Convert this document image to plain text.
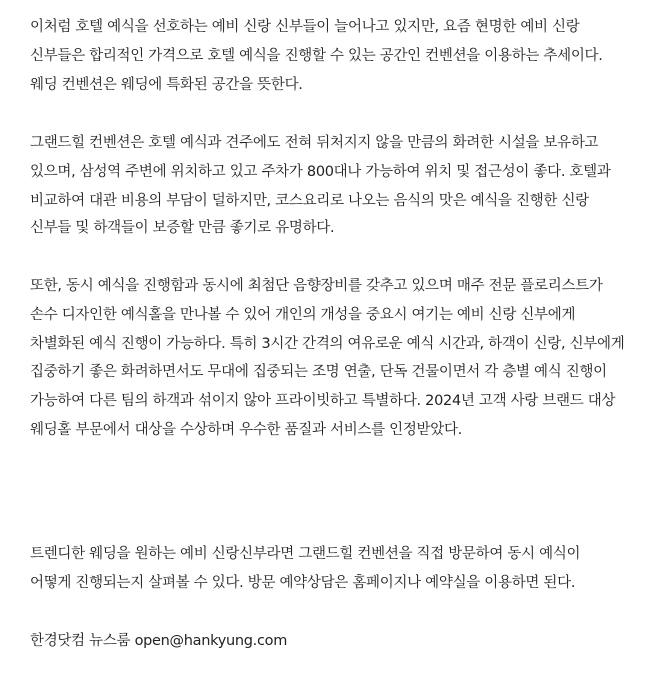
이처럼 호텔 예식을 선호하는 예비 신랑 신부들이 늘어나고 있지만, 요즘 현명한 예비 신랑
신부들은 합리적인 가격으로 호텔 예식을 진행할 수 있는 공간인 컨벤션을 이용하는 추세이다.
웨딩 컨벤션은 웨딩에 특화된 공간을 뜻한다.
그랜드힐 컨벤션은 호텔 예식과 견주에도 전혀 뒤처지지 않을 만큼의 화려한 시설을 보유하고
있으며, 삼성역 주변에 위치하고 있고 주차가 800대나 가능하여 위치 및 접근성이 좋다. 호텔과
비교하여 대관 비용의 부담이 덜하지만, 코스요리로 나오는 음식의 맛은 예식을 진행한 신랑
신부들 및 하객들이 보증할 만큼 좋기로 유명하다.
또한, 동시 예식을 진행함과 동시에 최첨단 음향장비를 갖추고 있으며 매주 전문 플로리스트가
손수 디자인한 예식홀을 만나볼 수 있어 개인의 개성을 중요시 여기는 예비 신랑 신부에게
차별화된 예식 진행이 가능하다. 특히 3시간 간격의 여유로운 예식 시간과, 하객이 신랑, 신부에게
집중하기 좋은 화려하면서도 무대에 집중되는 조명 연출, 단독 건물이면서 각 층별 예식 진행이
가능하여 다른 팀의 하객과 섞이지 않아 프라이빗하고 특별하다. 2024년 고객 사랑 브랜드 대상
웨딩홀 부문에서 대상을 수상하며 우수한 품질과 서비스를 인정받았다.
트렌디한 웨딩을 원하는 예비 신랑신부라면 그랜드힐 컨벤션을 직접 방문하여 동시 예식이
어떻게 진행되는지 살펴볼 수 있다. 방문 예약상담은 홈페이지나 예약실을 이용하면 된다.
한경닷컴 뉴스룸 open@hankyung.com
